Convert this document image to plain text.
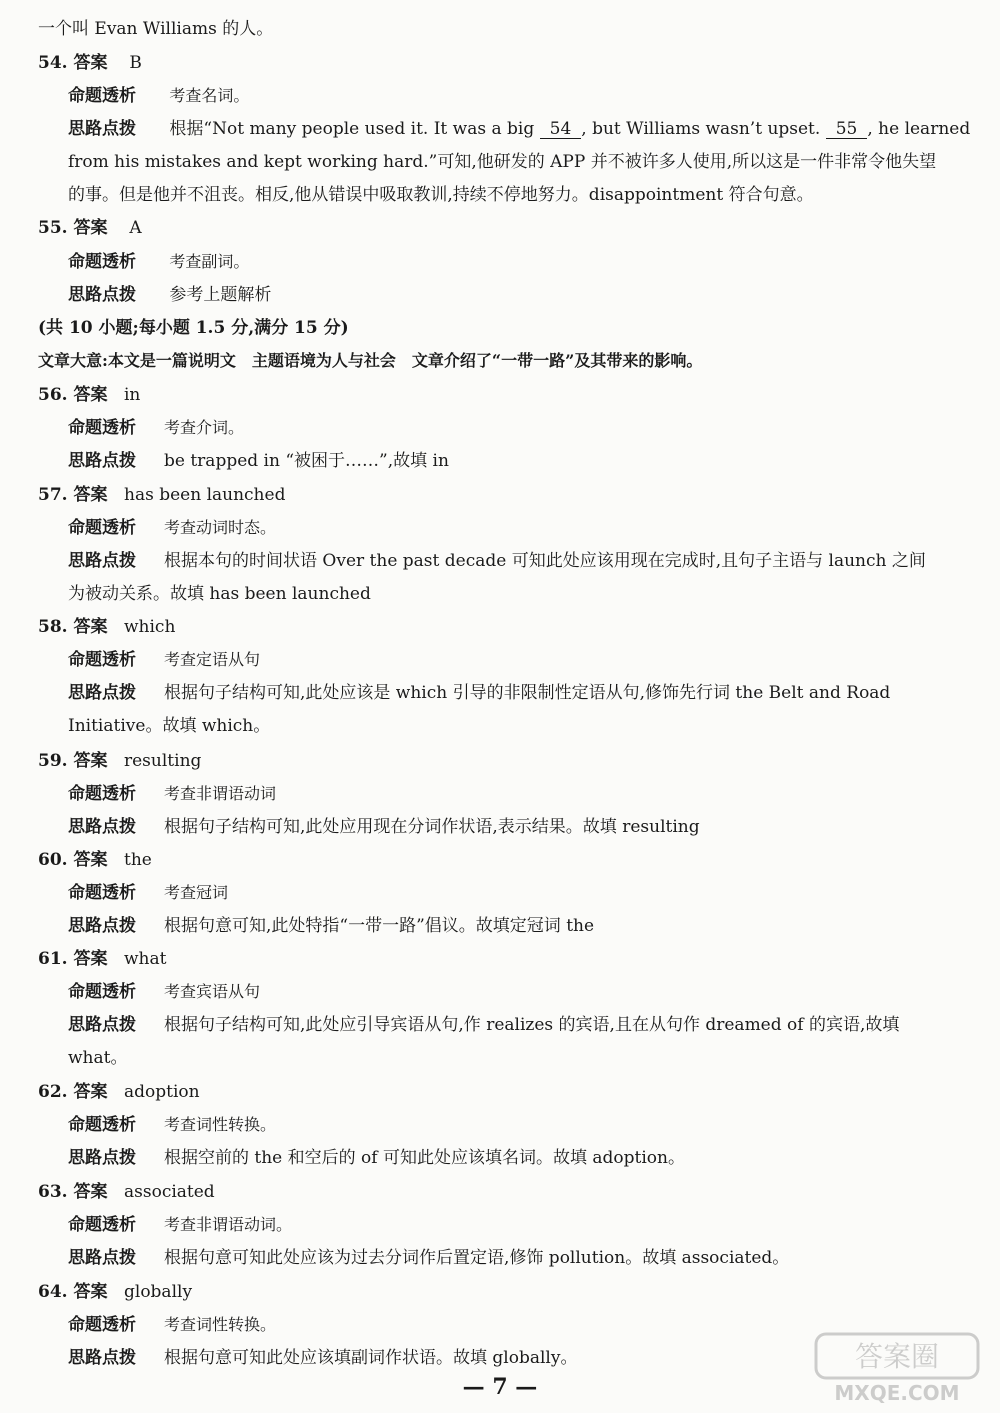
一个叫 Evan Williams 的人。
54. 答案 B
命题透析 考查名词。
思路点拨 根据“Not many people used it. It was a big 54 , but Williams wasn’t upset. 55 , he learned
from his mistakes and kept working hard.”可知,他研发的 APP 并不被许多人使用,所以这是一件非常令他失望
的事。但是他并不沮丧。相反,他从错误中吸取教训,持续不停地努力。disappointment 符合句意。
55. 答案 A
命题透析 考查副词。
思路点拨 参考上题解析
(共 10 小题;每小题 1.5 分,满分 15 分)
文章大意:本文是一篇说明文　主题语境为人与社会　文章介绍了“一带一路”及其带来的影响。
56. 答案 in
命题透析 考查介词。
思路点拨 be trapped in “被困于……”,故填 in
57. 答案 has been launched
命题透析 考查动词时态。
思路点拨 根据本句的时间状语 Over the past decade 可知此处应该用现在完成时,且句子主语与 launch 之间
为被动关系。故填 has been launched
58. 答案 which
命题透析 考查定语从句
思路点拨 根据句子结构可知,此处应该是 which 引导的非限制性定语从句,修饰先行词 the Belt and Road
Initiative。故填 which。
59. 答案 resulting
命题透析 考查非谓语动词
思路点拨 根据句子结构可知,此处应用现在分词作状语,表示结果。故填 resulting
60. 答案 the
命题透析 考查冠词
思路点拨 根据句意可知,此处特指“一带一路”倡议。故填定冠词 the
61. 答案 what
命题透析 考查宾语从句
思路点拨 根据句子结构可知,此处应引导宾语从句,作 realizes 的宾语,且在从句作 dreamed of 的宾语,故填
what。
62. 答案 adoption
命题透析 考查词性转换。
思路点拨 根据空前的 the 和空后的 of 可知此处应该填名词。故填 adoption。
63. 答案 associated
命题透析 考查非谓语动词。
思路点拨 根据句意可知此处应该为过去分词作后置定语,修饰 pollution。故填 associated。
64. 答案 globally
命题透析 考查词性转换。
思路点拨 根据句意可知此处应该填副词作状语。故填 globally。
— 7 —
答案圈
MXQE.COM
